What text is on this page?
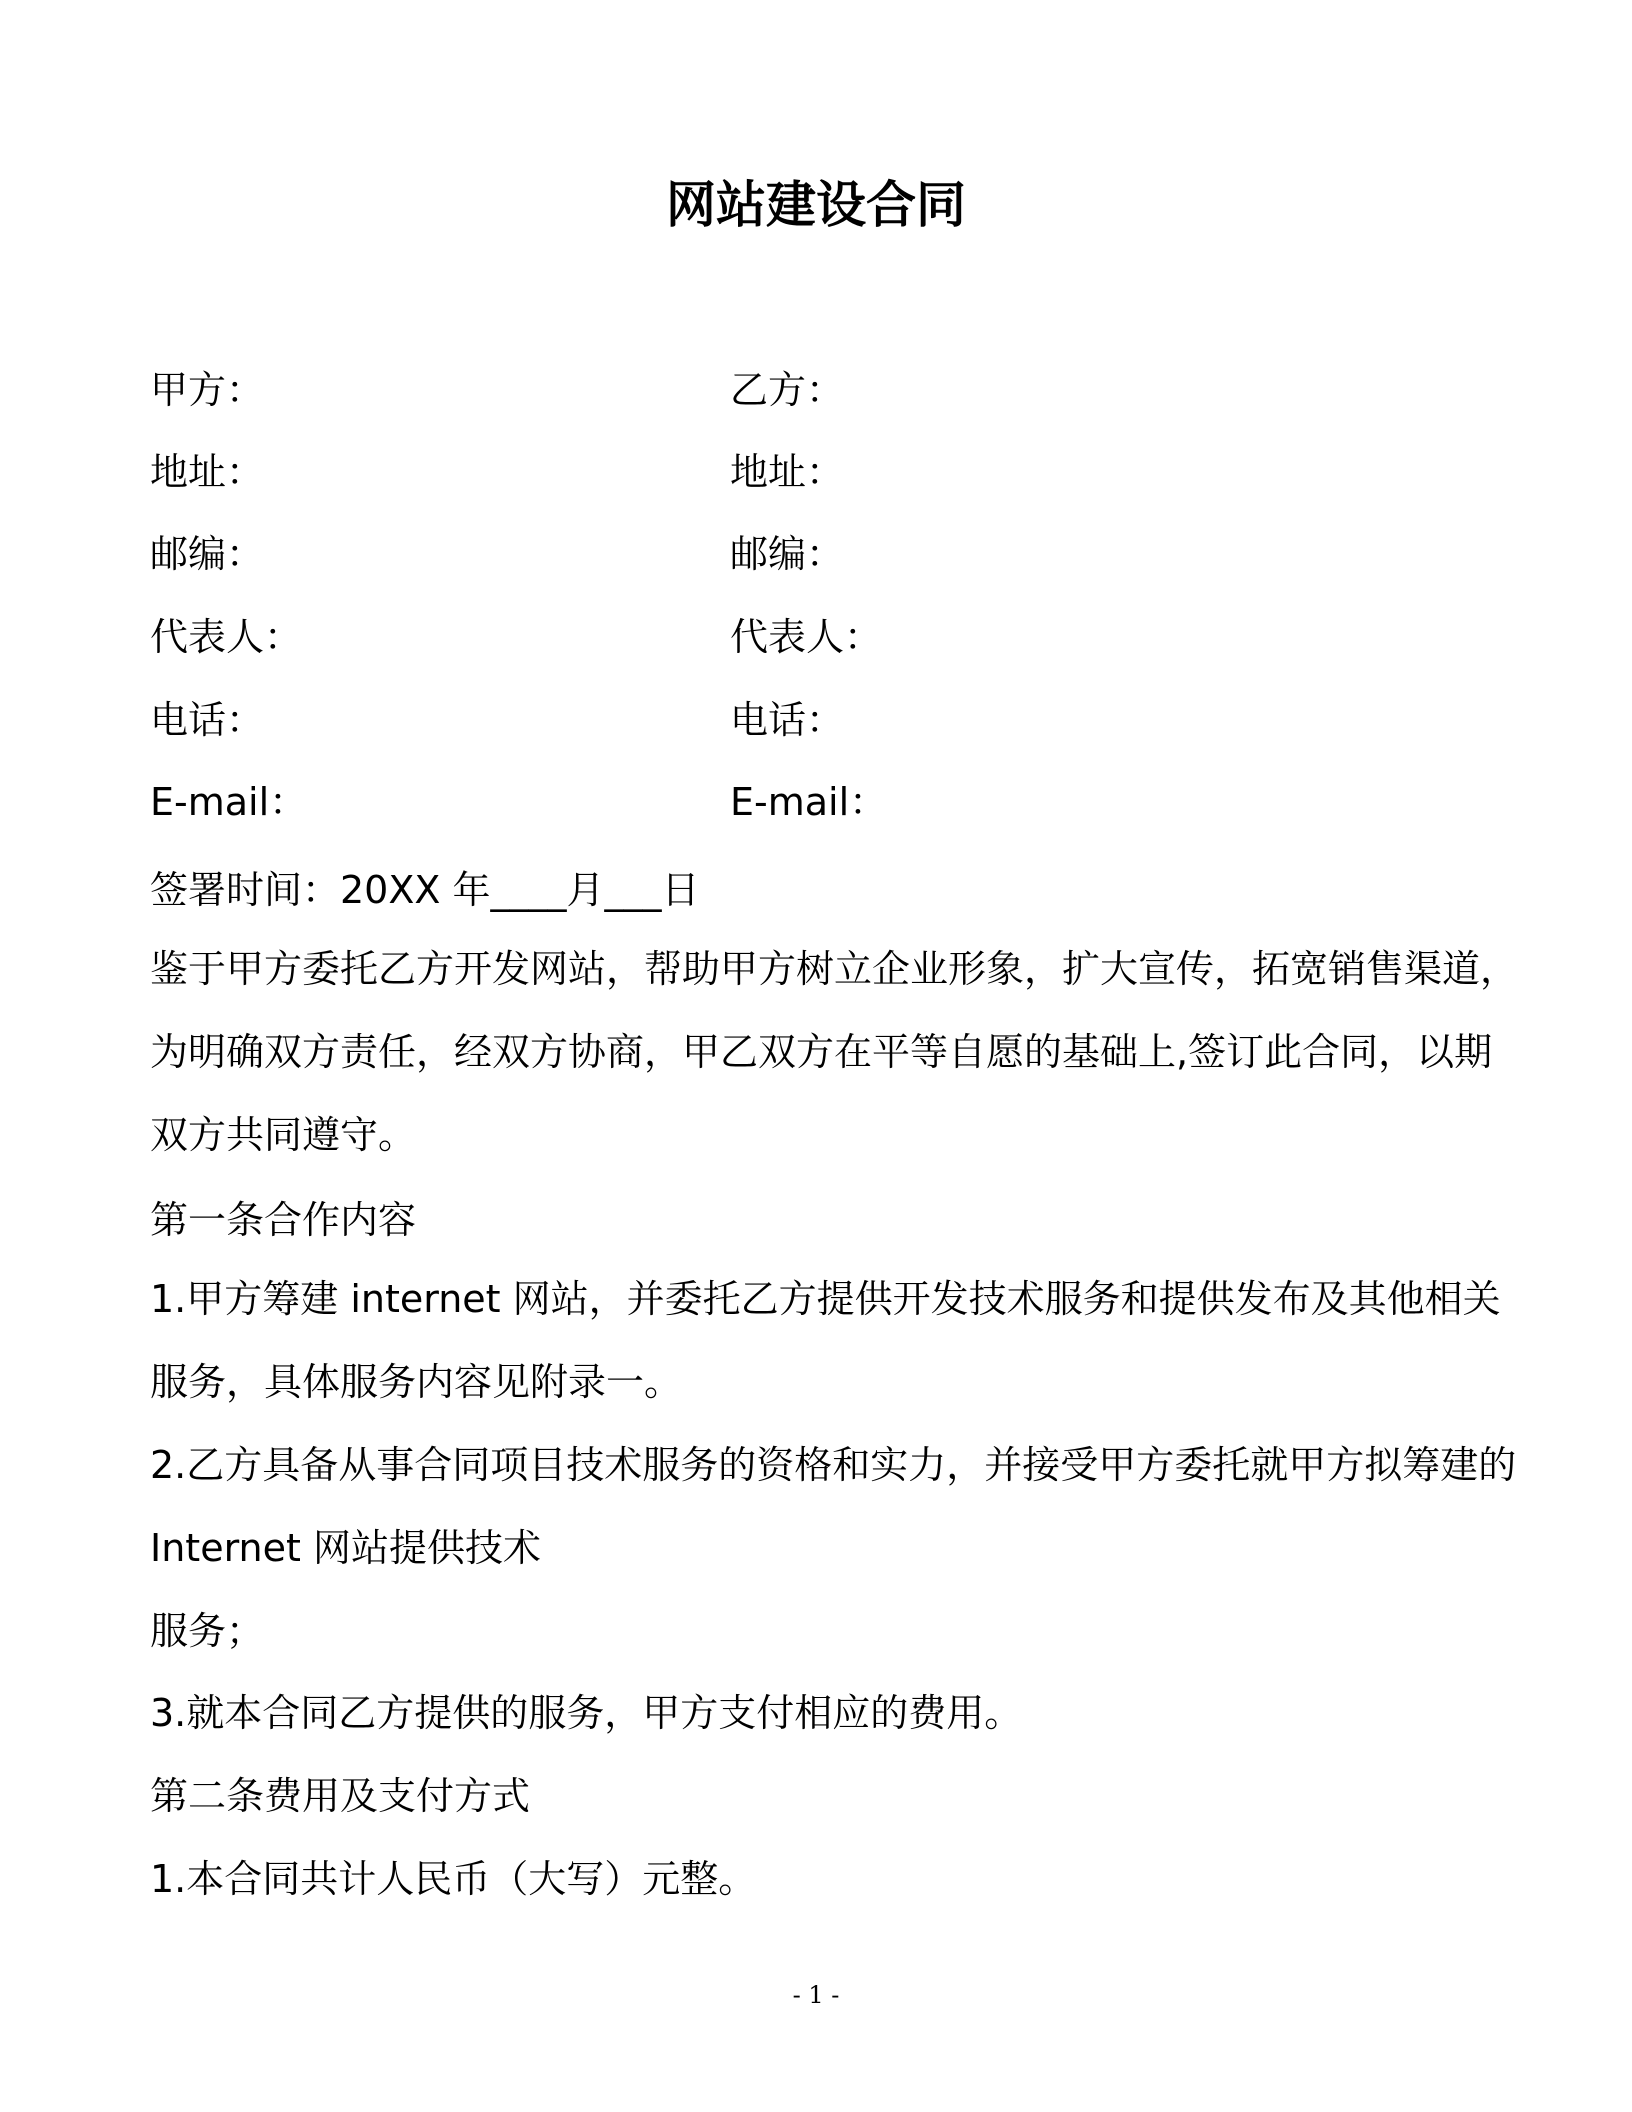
网站建设合同
甲方：	乙方：
地址：	地址：
邮编：	邮编：
代表人：	代表人：
电话：	电话：
E-mail：	E-mail：
签署时间：20XX 年____月___日
鉴于甲方委托乙方开发网站，帮助甲方树立企业形象，扩大宣传，拓宽销售渠道，
为明确双方责任，经双方协商，甲乙双方在平等自愿的基础上,签订此合同，以期
双方共同遵守。
第一条合作内容
1.甲方筹建 internet 网站，并委托乙方提供开发技术服务和提供发布及其他相关
服务，具体服务内容见附录一。
2.乙方具备从事合同项目技术服务的资格和实力，并接受甲方委托就甲方拟筹建的
Internet 网站提供技术
服务；
3.就本合同乙方提供的服务，甲方支付相应的费用。
第二条费用及支付方式
1.本合同共计人民币（大写）元整。
- 1 -
